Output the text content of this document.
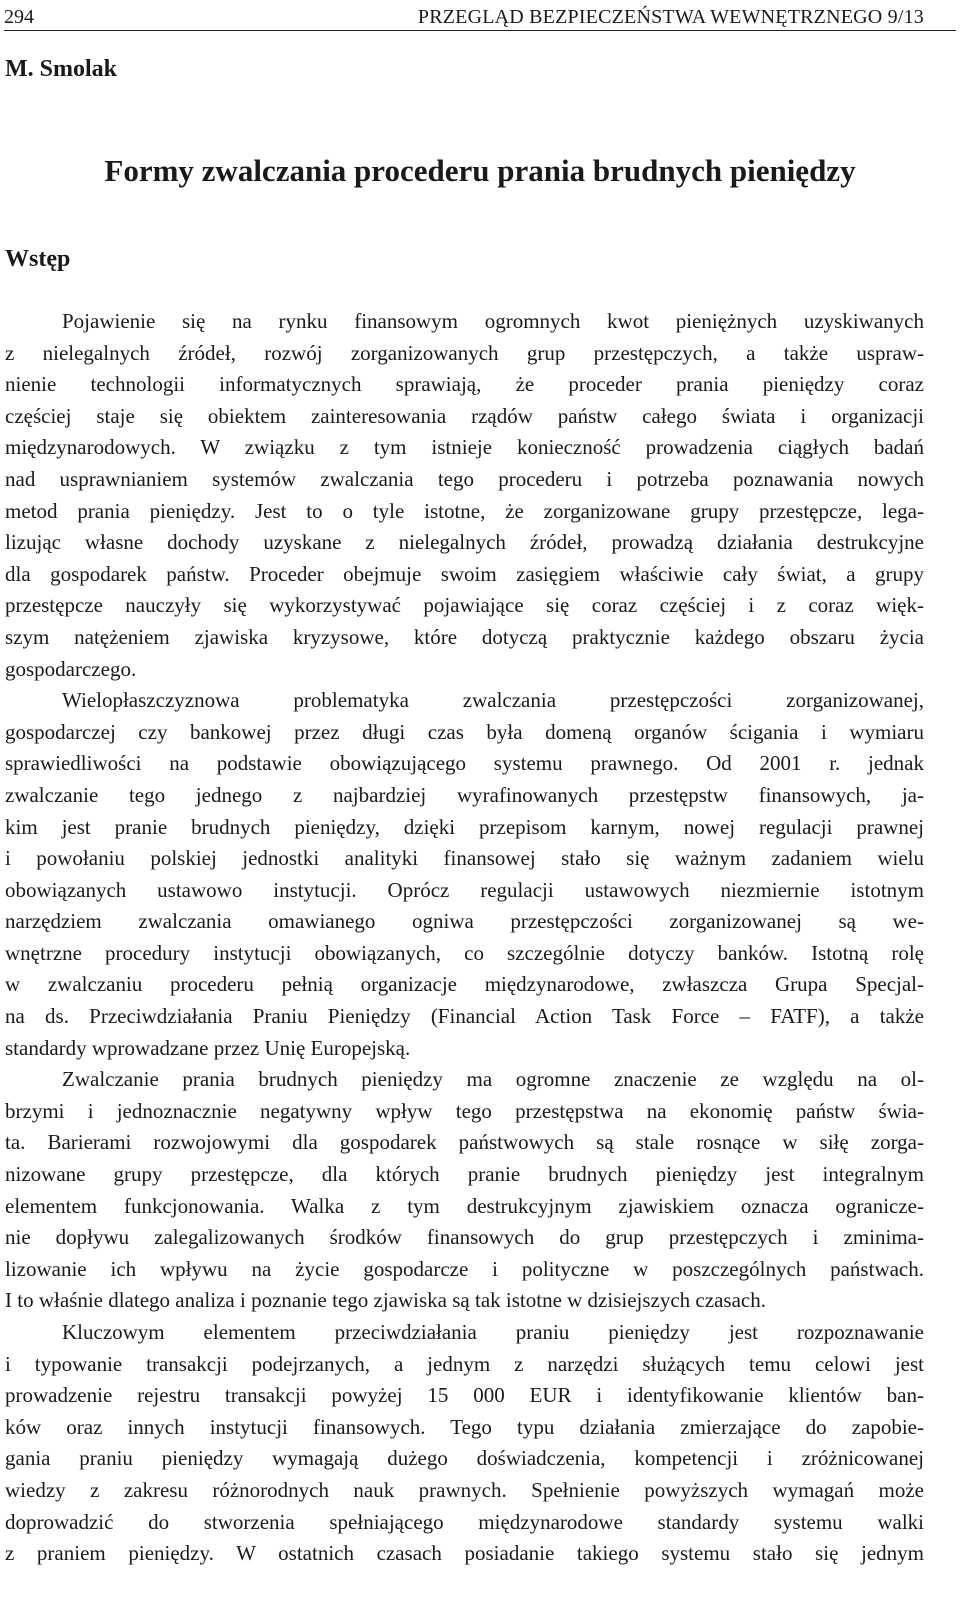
294	PRZEGLĄD BEZPIECZEŃSTWA WEWNĘTRZNEGO 9/13
M. Smolak
Formy zwalczania procederu prania brudnych pieniędzy
Wstęp
Pojawienie się na rynku finansowym ogromnych kwot pieniężnych uzyskiwanych
z nielegalnych źródeł, rozwój zorganizowanych grup przestępczych, a także uspraw-
nienie technologii informatycznych sprawiają, że proceder prania pieniędzy coraz
częściej staje się obiektem zainteresowania rządów państw całego świata i organizacji
międzynarodowych. W związku z tym istnieje konieczność prowadzenia ciągłych badań
nad usprawnianiem systemów zwalczania tego procederu i potrzeba poznawania nowych
metod prania pieniędzy. Jest to o tyle istotne, że zorganizowane grupy przestępcze, lega-
lizując własne dochody uzyskane z nielegalnych źródeł, prowadzą działania destrukcyjne
dla gospodarek państw. Proceder obejmuje swoim zasięgiem właściwie cały świat, a grupy
przestępcze nauczyły się wykorzystywać pojawiające się coraz częściej i z coraz więk-
szym natężeniem zjawiska kryzysowe, które dotyczą praktycznie każdego obszaru życia
gospodarczego.
Wielopłaszczyznowa problematyka zwalczania przestępczości zorganizowanej,
gospodarczej czy bankowej przez długi czas była domeną organów ścigania i wymiaru
sprawiedliwości na podstawie obowiązującego systemu prawnego. Od 2001 r. jednak
zwalczanie tego jednego z najbardziej wyrafinowanych przestępstw finansowych, ja-
kim jest pranie brudnych pieniędzy, dzięki przepisom karnym, nowej regulacji prawnej
i powołaniu polskiej jednostki analityki finansowej stało się ważnym zadaniem wielu
obowiązanych ustawowo instytucji. Oprócz regulacji ustawowych niezmiernie istotnym
narzędziem zwalczania omawianego ogniwa przestępczości zorganizowanej są we-
wnętrzne procedury instytucji obowiązanych, co szczególnie dotyczy banków. Istotną rolę
w zwalczaniu procederu pełnią organizacje międzynarodowe, zwłaszcza Grupa Specjal-
na ds. Przeciwdziałania Praniu Pieniędzy (Financial Action Task Force – FATF), a także
standardy wprowadzane przez Unię Europejską.
Zwalczanie prania brudnych pieniędzy ma ogromne znaczenie ze względu na ol-
brzymi i jednoznacznie negatywny wpływ tego przestępstwa na ekonomię państw świa-
ta. Barierami rozwojowymi dla gospodarek państwowych są stale rosnące w siłę zorga-
nizowane grupy przestępcze, dla których pranie brudnych pieniędzy jest integralnym
elementem funkcjonowania. Walka z tym destrukcyjnym zjawiskiem oznacza ogranicze-
nie dopływu zalegalizowanych środków finansowych do grup przestępczych i zminima-
lizowanie ich wpływu na życie gospodarcze i polityczne w poszczególnych państwach.
I to właśnie dlatego analiza i poznanie tego zjawiska są tak istotne w dzisiejszych czasach.
Kluczowym elementem przeciwdziałania praniu pieniędzy jest rozpoznawanie
i typowanie transakcji podejrzanych, a jednym z narzędzi służących temu celowi jest
prowadzenie rejestru transakcji powyżej 15 000 EUR i identyfikowanie klientów ban-
ków oraz innych instytucji finansowych. Tego typu działania zmierzające do zapobie-
gania praniu pieniędzy wymagają dużego doświadczenia, kompetencji i zróżnicowanej
wiedzy z zakresu różnorodnych nauk prawnych. Spełnienie powyższych wymagań może
doprowadzić do stworzenia spełniającego międzynarodowe standardy systemu walki
z praniem pieniędzy. W ostatnich czasach posiadanie takiego systemu stało się jednym
